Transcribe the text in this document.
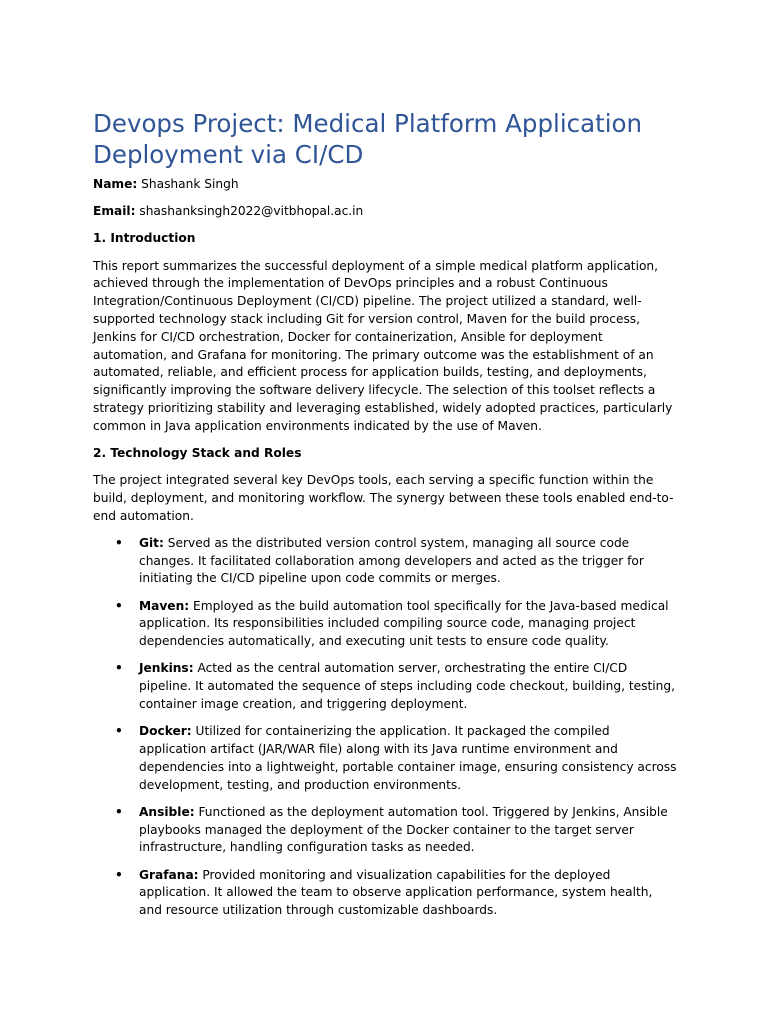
Devops Project: Medical Platform Application Deployment via CI/CD

Name: Shashank Singh

Email: shashanksingh2022@vitbhopal.ac.in

1. Introduction

This report summarizes the successful deployment of a simple medical platform application, achieved through the implementation of DevOps principles and a robust Continuous Integration/Continuous Deployment (CI/CD) pipeline. The project utilized a standard, well-supported technology stack including Git for version control, Maven for the build process, Jenkins for CI/CD orchestration, Docker for containerization, Ansible for deployment automation, and Grafana for monitoring. The primary outcome was the establishment of an automated, reliable, and efficient process for application builds, testing, and deployments, significantly improving the software delivery lifecycle. The selection of this toolset reflects a strategy prioritizing stability and leveraging established, widely adopted practices, particularly common in Java application environments indicated by the use of Maven.

2. Technology Stack and Roles

The project integrated several key DevOps tools, each serving a specific function within the build, deployment, and monitoring workflow. The synergy between these tools enabled end-to-end automation.

• Git: Served as the distributed version control system, managing all source code changes. It facilitated collaboration among developers and acted as the trigger for initiating the CI/CD pipeline upon code commits or merges.
• Maven: Employed as the build automation tool specifically for the Java-based medical application. Its responsibilities included compiling source code, managing project dependencies automatically, and executing unit tests to ensure code quality.
• Jenkins: Acted as the central automation server, orchestrating the entire CI/CD pipeline. It automated the sequence of steps including code checkout, building, testing, container image creation, and triggering deployment.
• Docker: Utilized for containerizing the application. It packaged the compiled application artifact (JAR/WAR file) along with its Java runtime environment and dependencies into a lightweight, portable container image, ensuring consistency across development, testing, and production environments.
• Ansible: Functioned as the deployment automation tool. Triggered by Jenkins, Ansible playbooks managed the deployment of the Docker container to the target server infrastructure, handling configuration tasks as needed.
• Grafana: Provided monitoring and visualization capabilities for the deployed application. It allowed the team to observe application performance, system health, and resource utilization through customizable dashboards.
